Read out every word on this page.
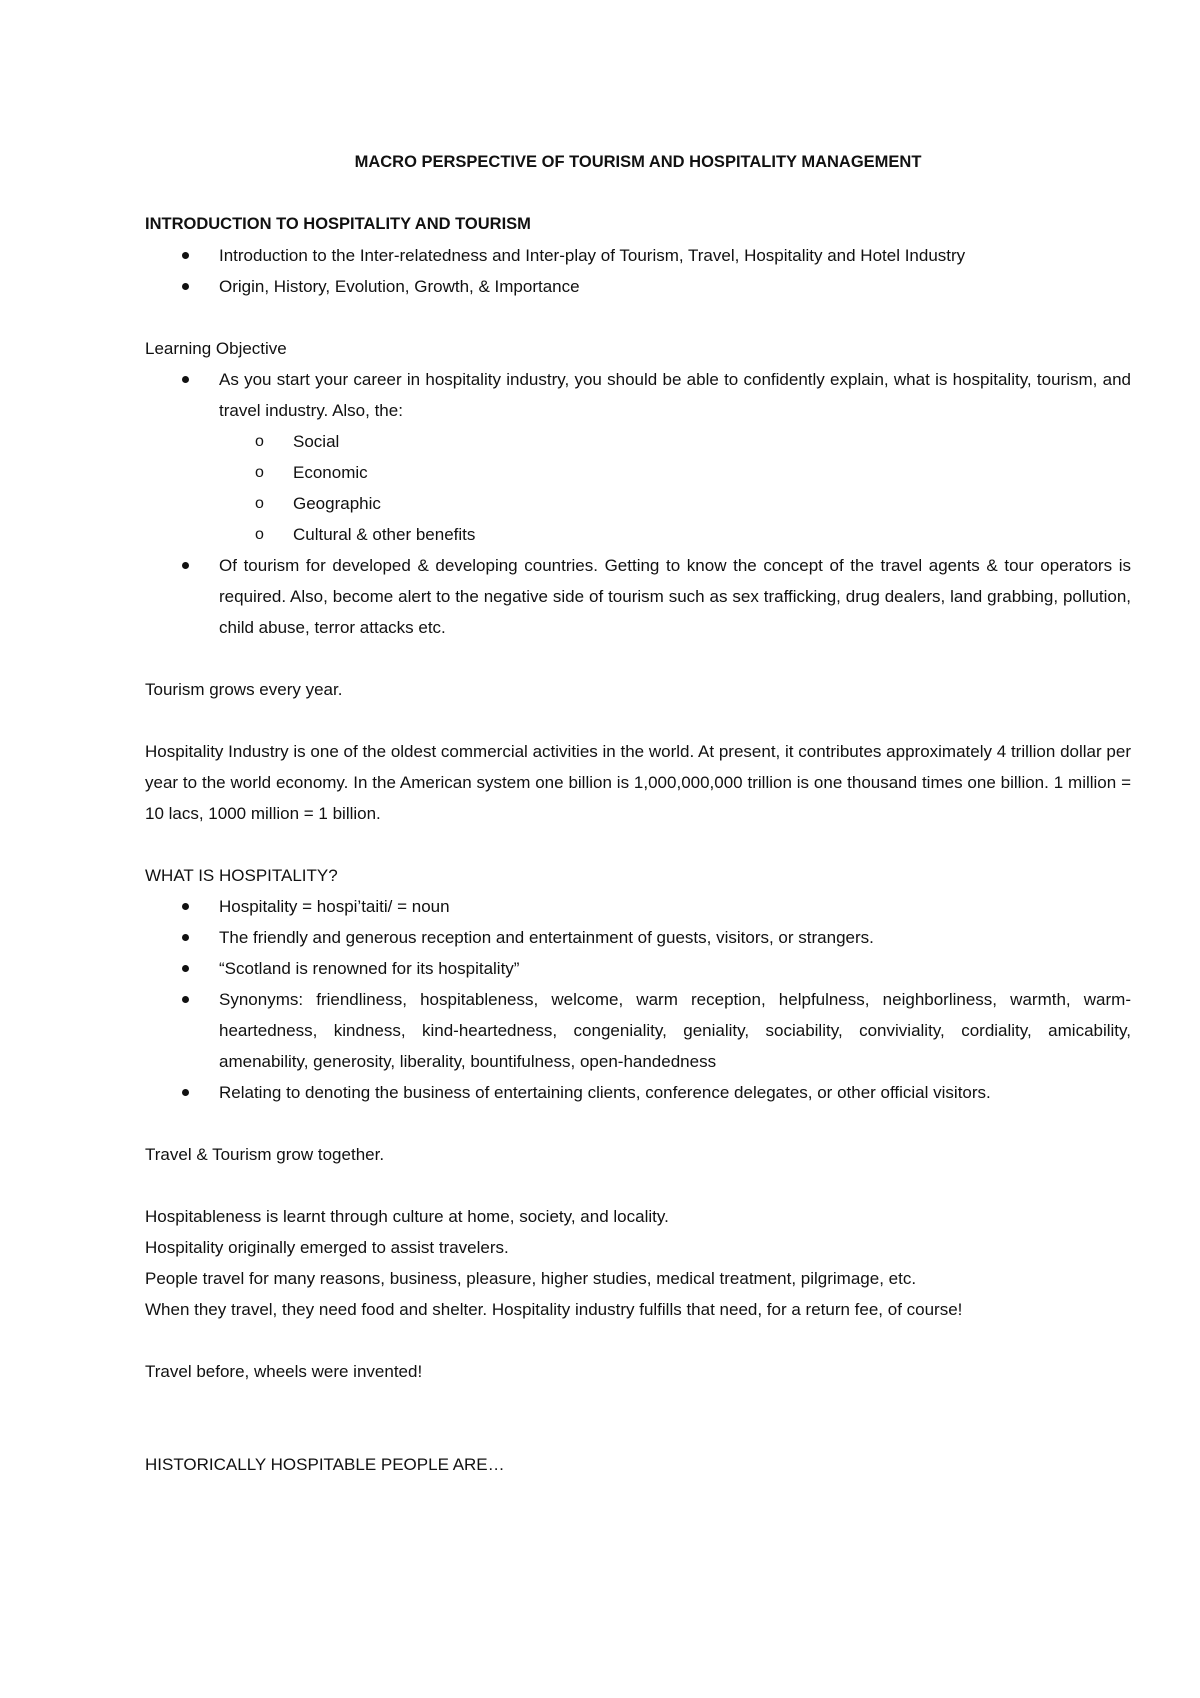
MACRO PERSPECTIVE OF TOURISM AND HOSPITALITY MANAGEMENT

INTRODUCTION TO HOSPITALITY AND TOURISM

Introduction to the Inter-relatedness and Inter-play of Tourism, Travel, Hospitality and Hotel Industry
Origin, History, Evolution, Growth, & Importance

Learning Objective

As you start your career in hospitality industry, you should be able to confidently explain, what is hospitality, tourism, and travel industry. Also, the:
o Social
o Economic
o Geographic
o Cultural & other benefits
Of tourism for developed & developing countries. Getting to know the concept of the travel agents & tour operators is required. Also, become alert to the negative side of tourism such as sex trafficking, drug dealers, land grabbing, pollution, child abuse, terror attacks etc.

Tourism grows every year.

Hospitality Industry is one of the oldest commercial activities in the world. At present, it contributes approximately 4 trillion dollar per year to the world economy. In the American system one billion is 1,000,000,000 trillion is one thousand times one billion. 1 million = 10 lacs, 1000 million = 1 billion.

WHAT IS HOSPITALITY?

Hospitality = hospi’taiti/ = noun
The friendly and generous reception and entertainment of guests, visitors, or strangers.
“Scotland is renowned for its hospitality”
Synonyms: friendliness, hospitableness, welcome, warm reception, helpfulness, neighborliness, warmth, warm-heartedness, kindness, kind-heartedness, congeniality, geniality, sociability, conviviality, cordiality, amicability, amenability, generosity, liberality, bountifulness, open-handedness
Relating to denoting the business of entertaining clients, conference delegates, or other official visitors.

Travel & Tourism grow together.

Hospitableness is learnt through culture at home, society, and locality.

Hospitality originally emerged to assist travelers.

People travel for many reasons, business, pleasure, higher studies, medical treatment, pilgrimage, etc.

When they travel, they need food and shelter. Hospitality industry fulfills that need, for a return fee, of course!

Travel before, wheels were invented!

HISTORICALLY HOSPITABLE PEOPLE ARE…
